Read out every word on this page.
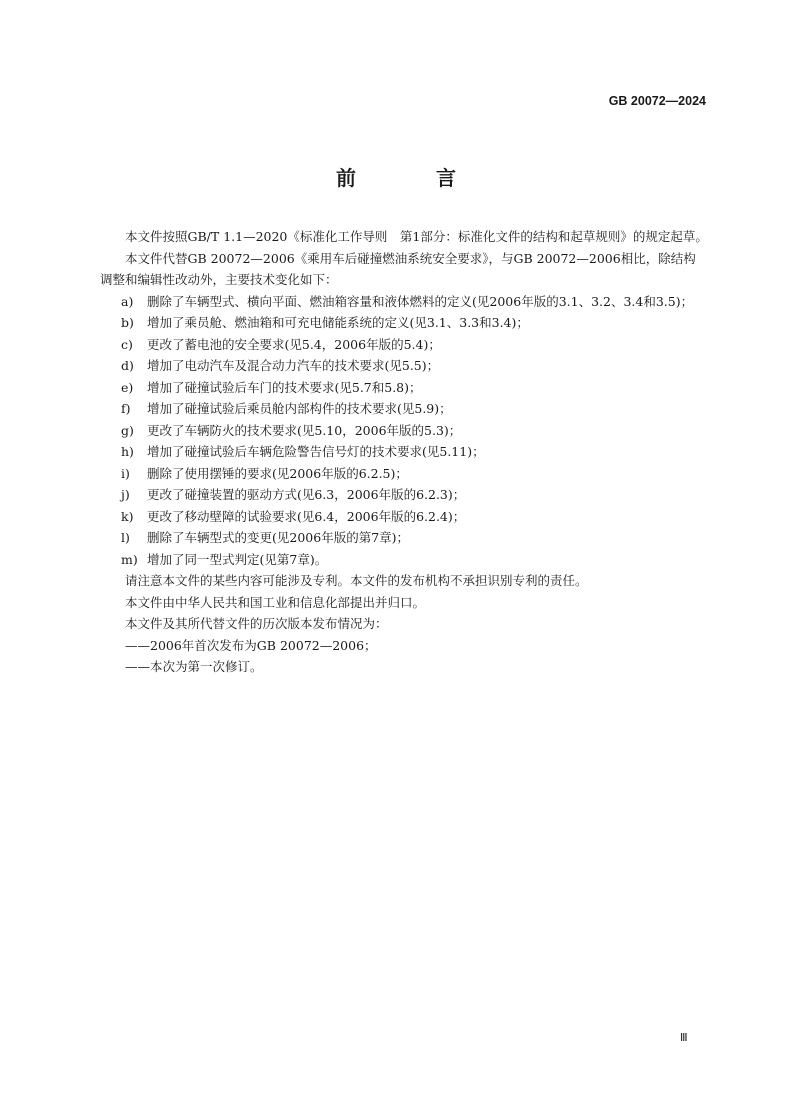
GB 20072—2024
前　言

本文件按照GB/T 1.1—2020《标准化工作导则　第1部分：标准化文件的结构和起草规则》的规定起草。

本文件代替GB 20072—2006《乘用车后碰撞燃油系统安全要求》，与GB 20072—2006相比，除结构调整和编辑性改动外，主要技术变化如下：

a)	删除了车辆型式、横向平面、燃油箱容量和液体燃料的定义(见2006年版的3.1、3.2、3.4和3.5)；
b)	增加了乘员舱、燃油箱和可充电储能系统的定义(见3.1、3.3和3.4)；
c)	更改了蓄电池的安全要求(见5.4，2006年版的5.4)；
d)	增加了电动汽车及混合动力汽车的技术要求(见5.5)；
e)	增加了碰撞试验后车门的技术要求(见5.7和5.8)；
f)	增加了碰撞试验后乘员舱内部构件的技术要求(见5.9)；
g)	更改了车辆防火的技术要求(见5.10，2006年版的5.3)；
h)	增加了碰撞试验后车辆危险警告信号灯的技术要求(见5.11)；
i)	删除了使用摆锤的要求(见2006年版的6.2.5)；
j)	更改了碰撞装置的驱动方式(见6.3，2006年版的6.2.3)；
k)	更改了移动壁障的试验要求(见6.4，2006年版的6.2.4)；
l)	删除了车辆型式的变更(见2006年版的第7章)；
m) 增加了同一型式判定(见第7章)。

请注意本文件的某些内容可能涉及专利。本文件的发布机构不承担识别专利的责任。

本文件由中华人民共和国工业和信息化部提出并归口。

本文件及其所代替文件的历次版本发布情况为：

——2006年首次发布为GB 20072—2006；

——本次为第一次修订。

Ⅲ
